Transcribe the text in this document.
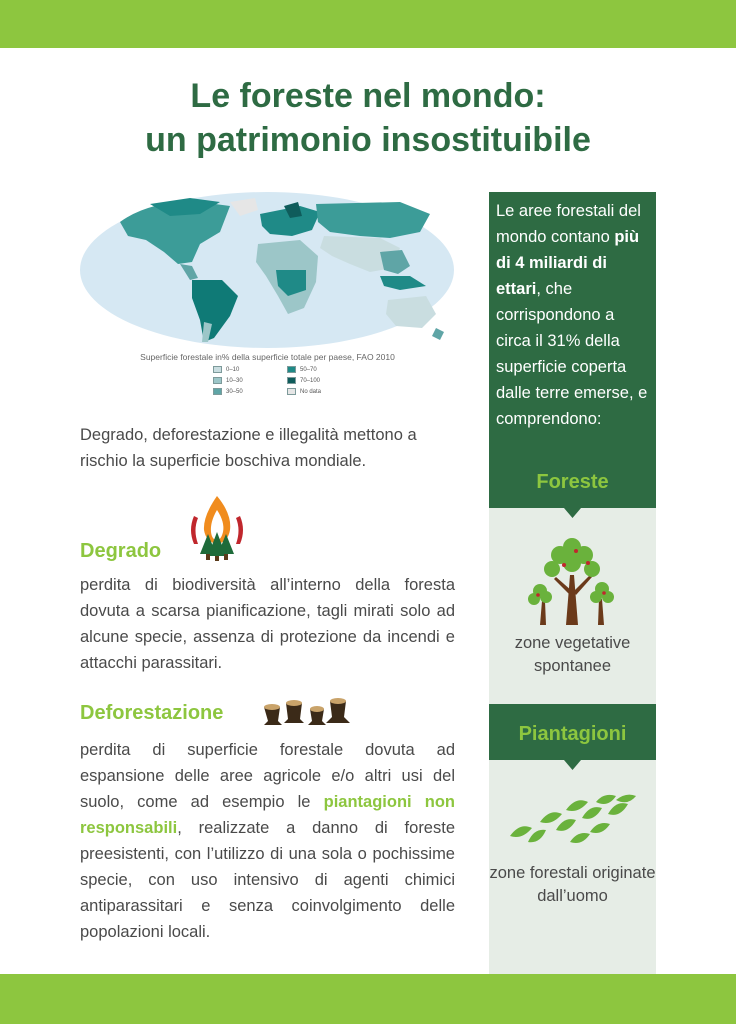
Le foreste nel mondo:
un patrimonio insostituibile
Superficie forestale in% della superficie totale per paese, FAO 2010
0–10
10–30
30–50
50–70
70–100
No data

Degrado, deforestazione e illegalità mettono a rischio la superficie boschiva mondiale.

Degrado

perdita di biodiversità all’interno della foresta dovuta a scarsa pianificazione, tagli mirati solo ad alcune specie, assenza di protezione da incendi e attacchi parassitari.

Deforestazione

perdita di superficie forestale dovuta ad espansione delle aree agricole e/o altri usi del suolo, come ad esempio le piantagioni non responsabili, realizzate a danno di foreste preesistenti, con l’utilizzo di una sola o pochissime specie, con uso intensivo di agenti chimici antiparassitari e senza coinvolgimento delle popolazioni locali.

Le aree forestali del mondo contano più di 4 miliardi di ettari, che corrispondono a circa il 31% della superficie coperta dalle terre emerse, e comprendono:

Foreste
zone vegetative spontanee
Piantagioni
zone forestali originate dall’uomo
